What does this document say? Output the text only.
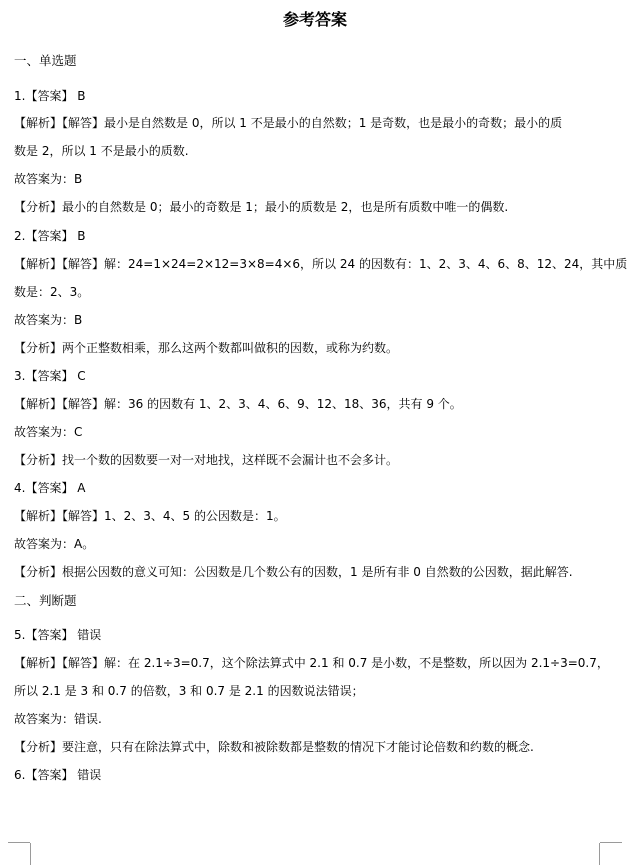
参考答案
一、单选题
1.【答案】 B
【解析】【解答】最小是自然数是 0，所以 1 不是最小的自然数；1 是奇数，也是最小的奇数；最小的质
数是 2，所以 1 不是最小的质数.
故答案为：B
【分析】最小的自然数是 0；最小的奇数是 1；最小的质数是 2，也是所有质数中唯一的偶数.
2.【答案】 B
【解析】【解答】解：24=1×24=2×12=3×8=4×6，所以 24 的因数有：1、2、3、4、6、8、12、24，其中质
数是：2、3。
故答案为：B
【分析】两个正整数相乘，那么这两个数都叫做积的因数，或称为约数。
3.【答案】 C
【解析】【解答】解：36 的因数有 1、2、3、4、6、9、12、18、36，共有 9 个。
故答案为：C
【分析】找一个数的因数要一对一对地找，这样既不会漏计也不会多计。
4.【答案】 A
【解析】【解答】1、2、3、4、5 的公因数是：1。
故答案为：A。
【分析】根据公因数的意义可知：公因数是几个数公有的因数，1 是所有非 0 自然数的公因数，据此解答.
二、判断题
5.【答案】 错误
【解析】【解答】解：在 2.1÷3=0.7，这个除法算式中 2.1 和 0.7 是小数，不是整数，所以因为 2.1÷3=0.7，
所以 2.1 是 3 和 0.7 的倍数，3 和 0.7 是 2.1 的因数说法错误；
故答案为：错误.
【分析】要注意，只有在除法算式中，除数和被除数都是整数的情况下才能讨论倍数和约数的概念.
6.【答案】 错误
